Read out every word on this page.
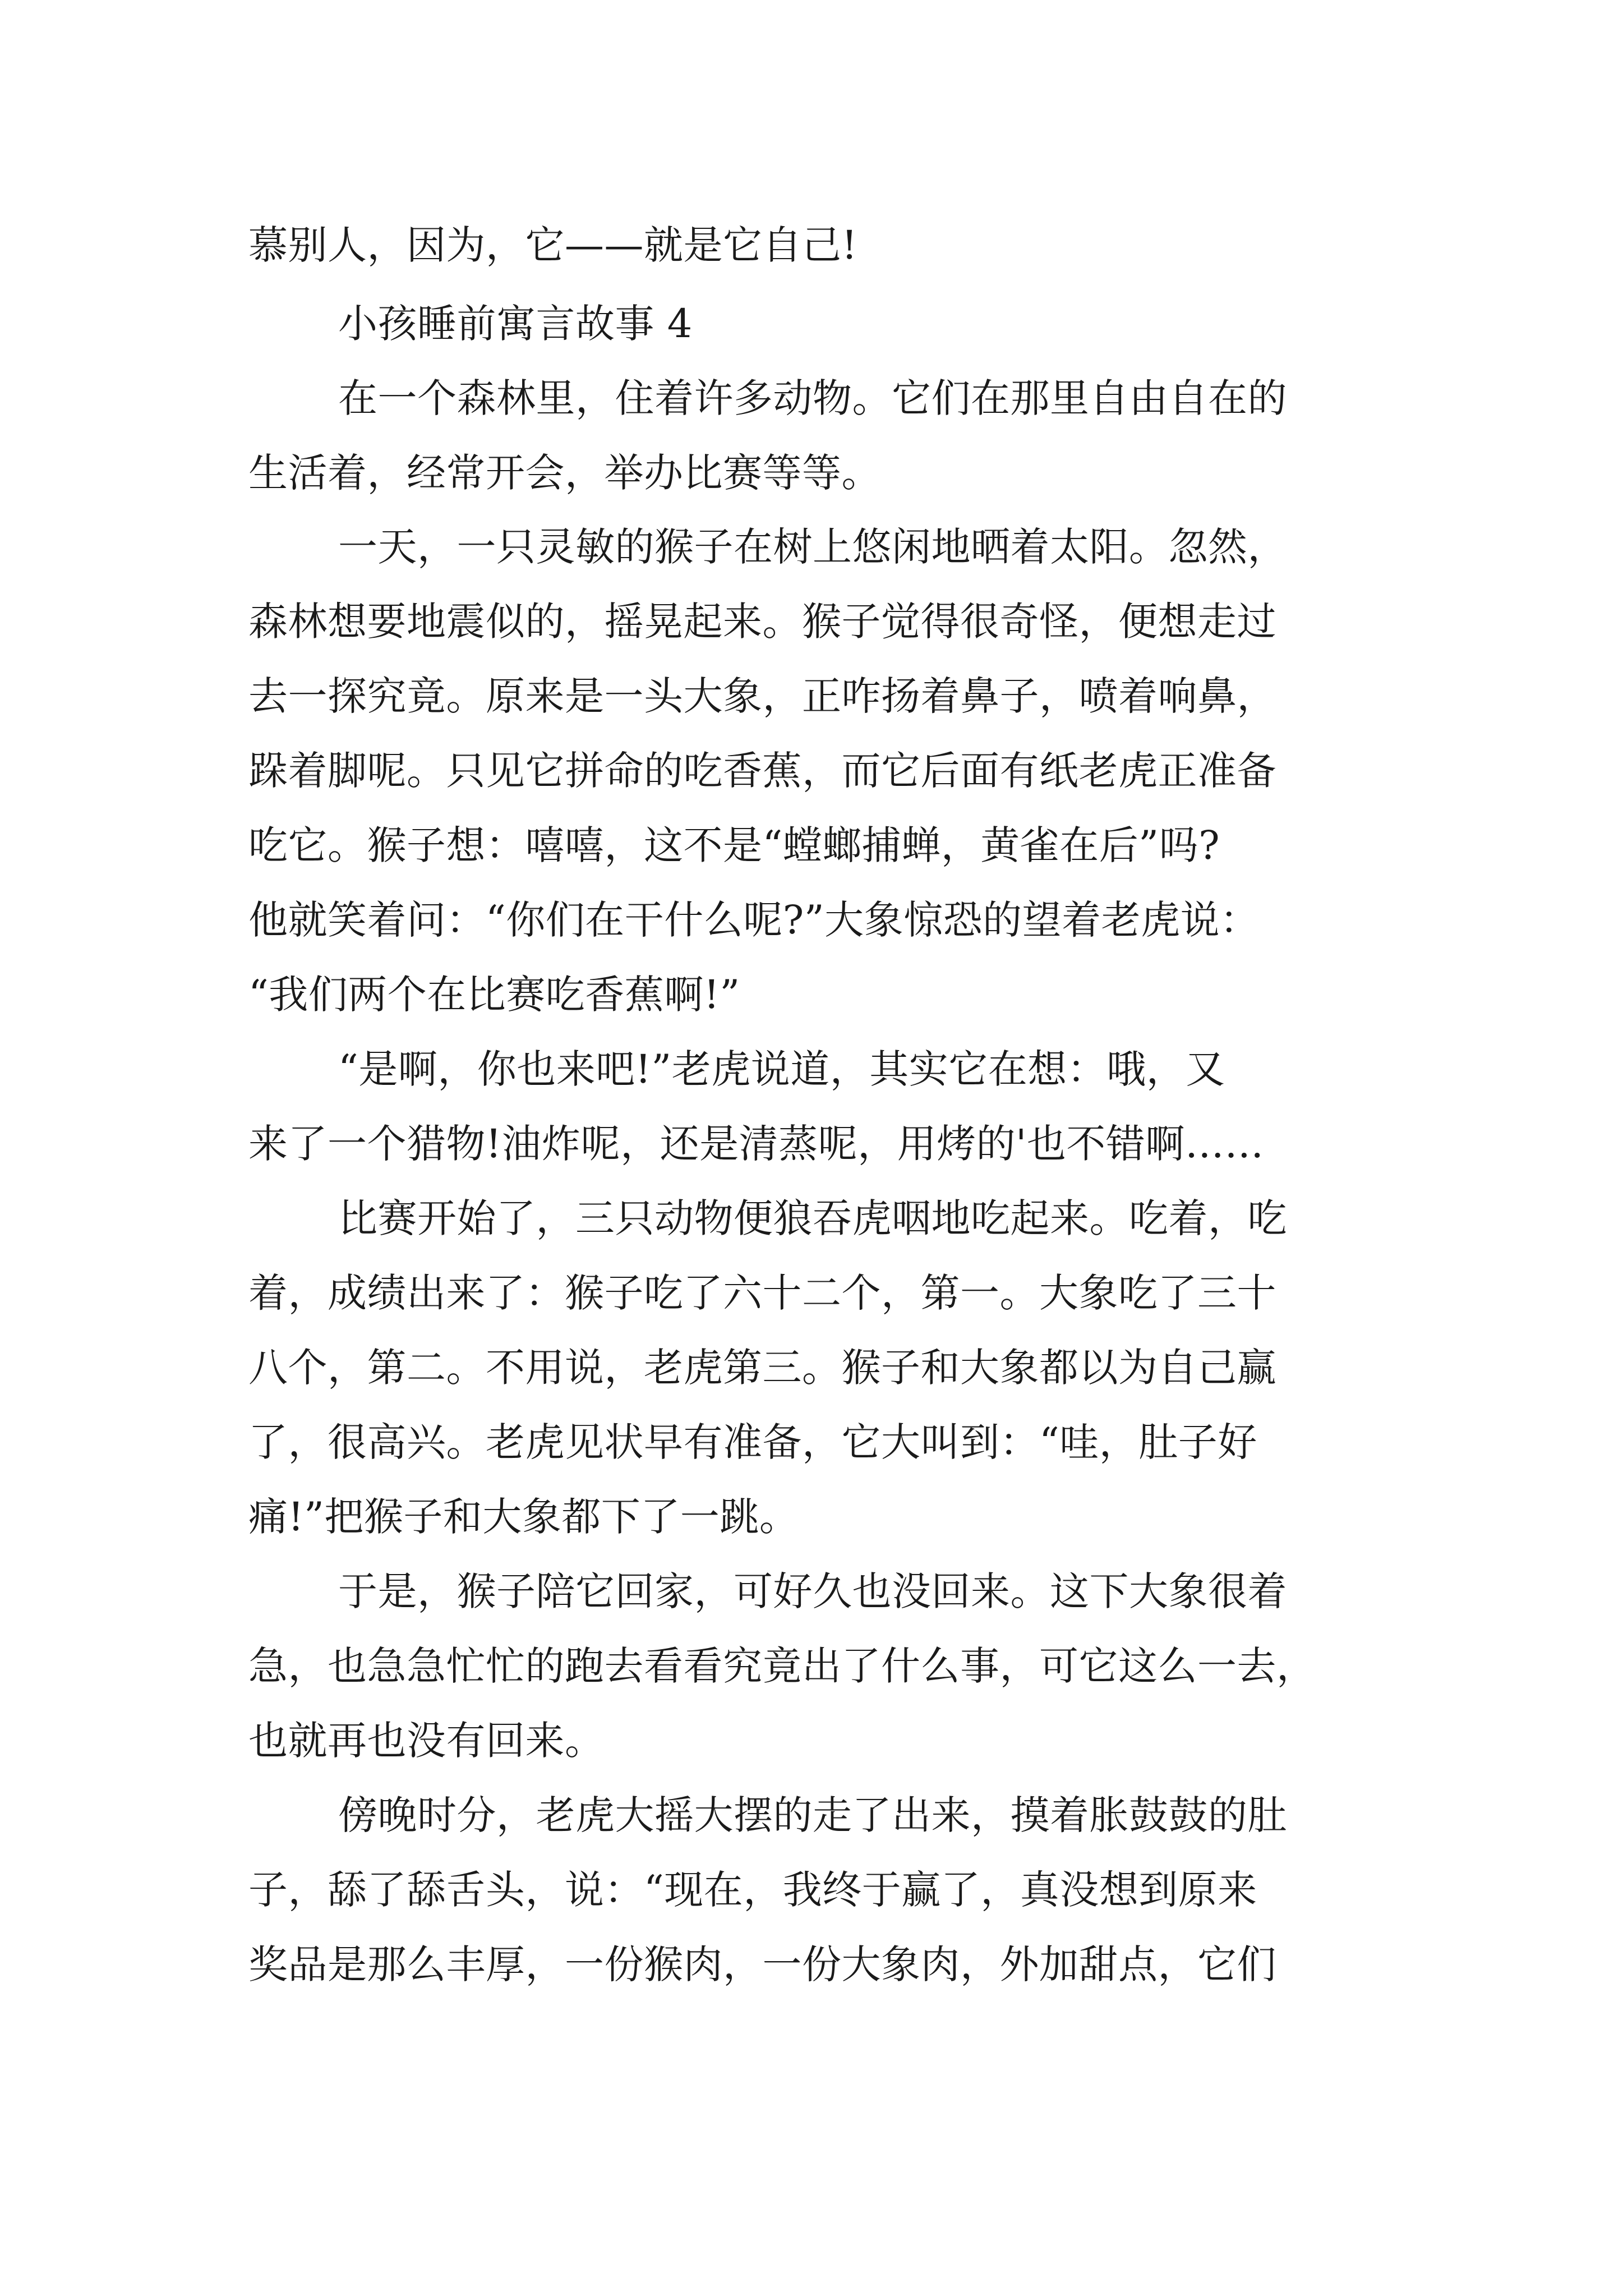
慕别人，因为，它——就是它自己!
小孩睡前寓言故事 4
在一个森林里，住着许多动物。它们在那里自由自在的
生活着，经常开会，举办比赛等等。
一天，一只灵敏的猴子在树上悠闲地晒着太阳。忽然，
森林想要地震似的，摇晃起来。猴子觉得很奇怪，便想走过
去一探究竟。原来是一头大象，正咋扬着鼻子，喷着响鼻，
跺着脚呢。只见它拼命的吃香蕉，而它后面有纸老虎正准备
吃它。猴子想：嘻嘻，这不是“螳螂捕蝉，黄雀在后”吗?
他就笑着问：“你们在干什么呢?”大象惊恐的望着老虎说：
“我们两个在比赛吃香蕉啊!”
“是啊，你也来吧!”老虎说道，其实它在想：哦，又
来了一个猎物!油炸呢，还是清蒸呢，用烤的'也不错啊……
比赛开始了，三只动物便狼吞虎咽地吃起来。吃着，吃
着，成绩出来了：猴子吃了六十二个，第一。大象吃了三十
八个，第二。不用说，老虎第三。猴子和大象都以为自己赢
了，很高兴。老虎见状早有准备，它大叫到：“哇，肚子好
痛!”把猴子和大象都下了一跳。
于是，猴子陪它回家，可好久也没回来。这下大象很着
急，也急急忙忙的跑去看看究竟出了什么事，可它这么一去，
也就再也没有回来。
傍晚时分，老虎大摇大摆的走了出来，摸着胀鼓鼓的肚
子，舔了舔舌头，说：“现在，我终于赢了，真没想到原来
奖品是那么丰厚，一份猴肉，一份大象肉，外加甜点，它们
